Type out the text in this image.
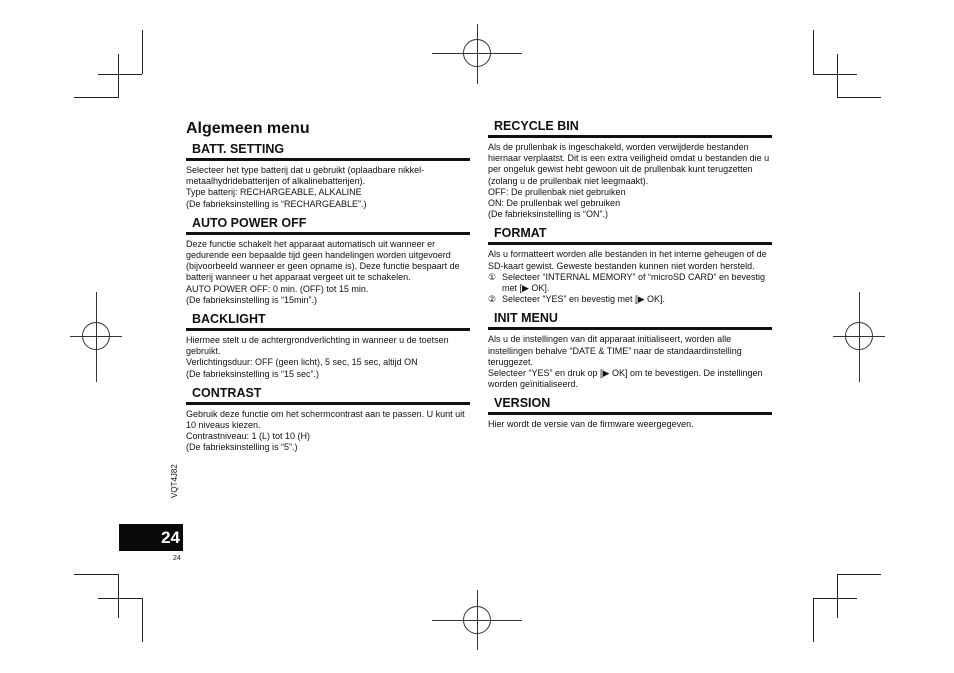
Algemeen menu
BATT. SETTING

Selecteer het type batterij dat u gebruikt (oplaadbare nikkel-metaalhydridebatterijen of alkalinebatterijen).

Type batterij: RECHARGEABLE, ALKALINE

(De fabrieksinstelling is “RECHARGEABLE”.)

AUTO POWER OFF

Deze functie schakelt het apparaat automatisch uit wanneer er gedurende een bepaalde tijd geen handelingen worden uitgevoerd (bijvoorbeeld wanneer er geen opname is). Deze functie bespaart de batterij wanneer u het apparaat vergeet uit te schakelen.

AUTO POWER OFF: 0 min. (OFF) tot 15 min.

(De fabrieksinstelling is “15min”.)

BACKLIGHT

Hiermee stelt u de achtergrondverlichting in wanneer u de toetsen gebruikt.

Verlichtingsduur: OFF (geen licht), 5 sec, 15 sec, altijd ON

(De fabrieksinstelling is “15 sec”.)

CONTRAST

Gebruik deze functie om het schermcontrast aan te passen. U kunt uit 10 niveaus kiezen.

Contrastniveau: 1 (L) tot 10 (H)

(De fabrieksinstelling is “5”.)

RECYCLE BIN

Als de prullenbak is ingeschakeld, worden verwijderde bestanden hiernaar verplaatst. Dit is een extra veiligheid omdat u bestanden die u per ongeluk gewist hebt gewoon uit de prullenbak kunt terugzetten (zolang u de prullenbak niet leegmaakt).

OFF: De prullenbak niet gebruiken

ON: De prullenbak wel gebruiken

(De fabrieksinstelling is “ON”.)

FORMAT

Als u formatteert worden alle bestanden in het interne geheugen of de SD-kaart gewist. Geweste bestanden kunnen niet worden hersteld.

① Selecteer “INTERNAL MEMORY” of “microSD CARD” en bevestig met [▶ OK].
② Selecteer “YES” en bevestig met [▶ OK].
INIT MENU

Als u de instellingen van dit apparaat initialiseert, worden alle instellingen behalve “DATE & TIME” naar de standaardinstelling teruggezet.

Selecteer “YES” en druk op [▶ OK] om te bevestigen. De instellingen worden geïnitialiseerd.

VERSION

Hier wordt de versie van de firmware weergegeven.

VQT4J82
24
24
